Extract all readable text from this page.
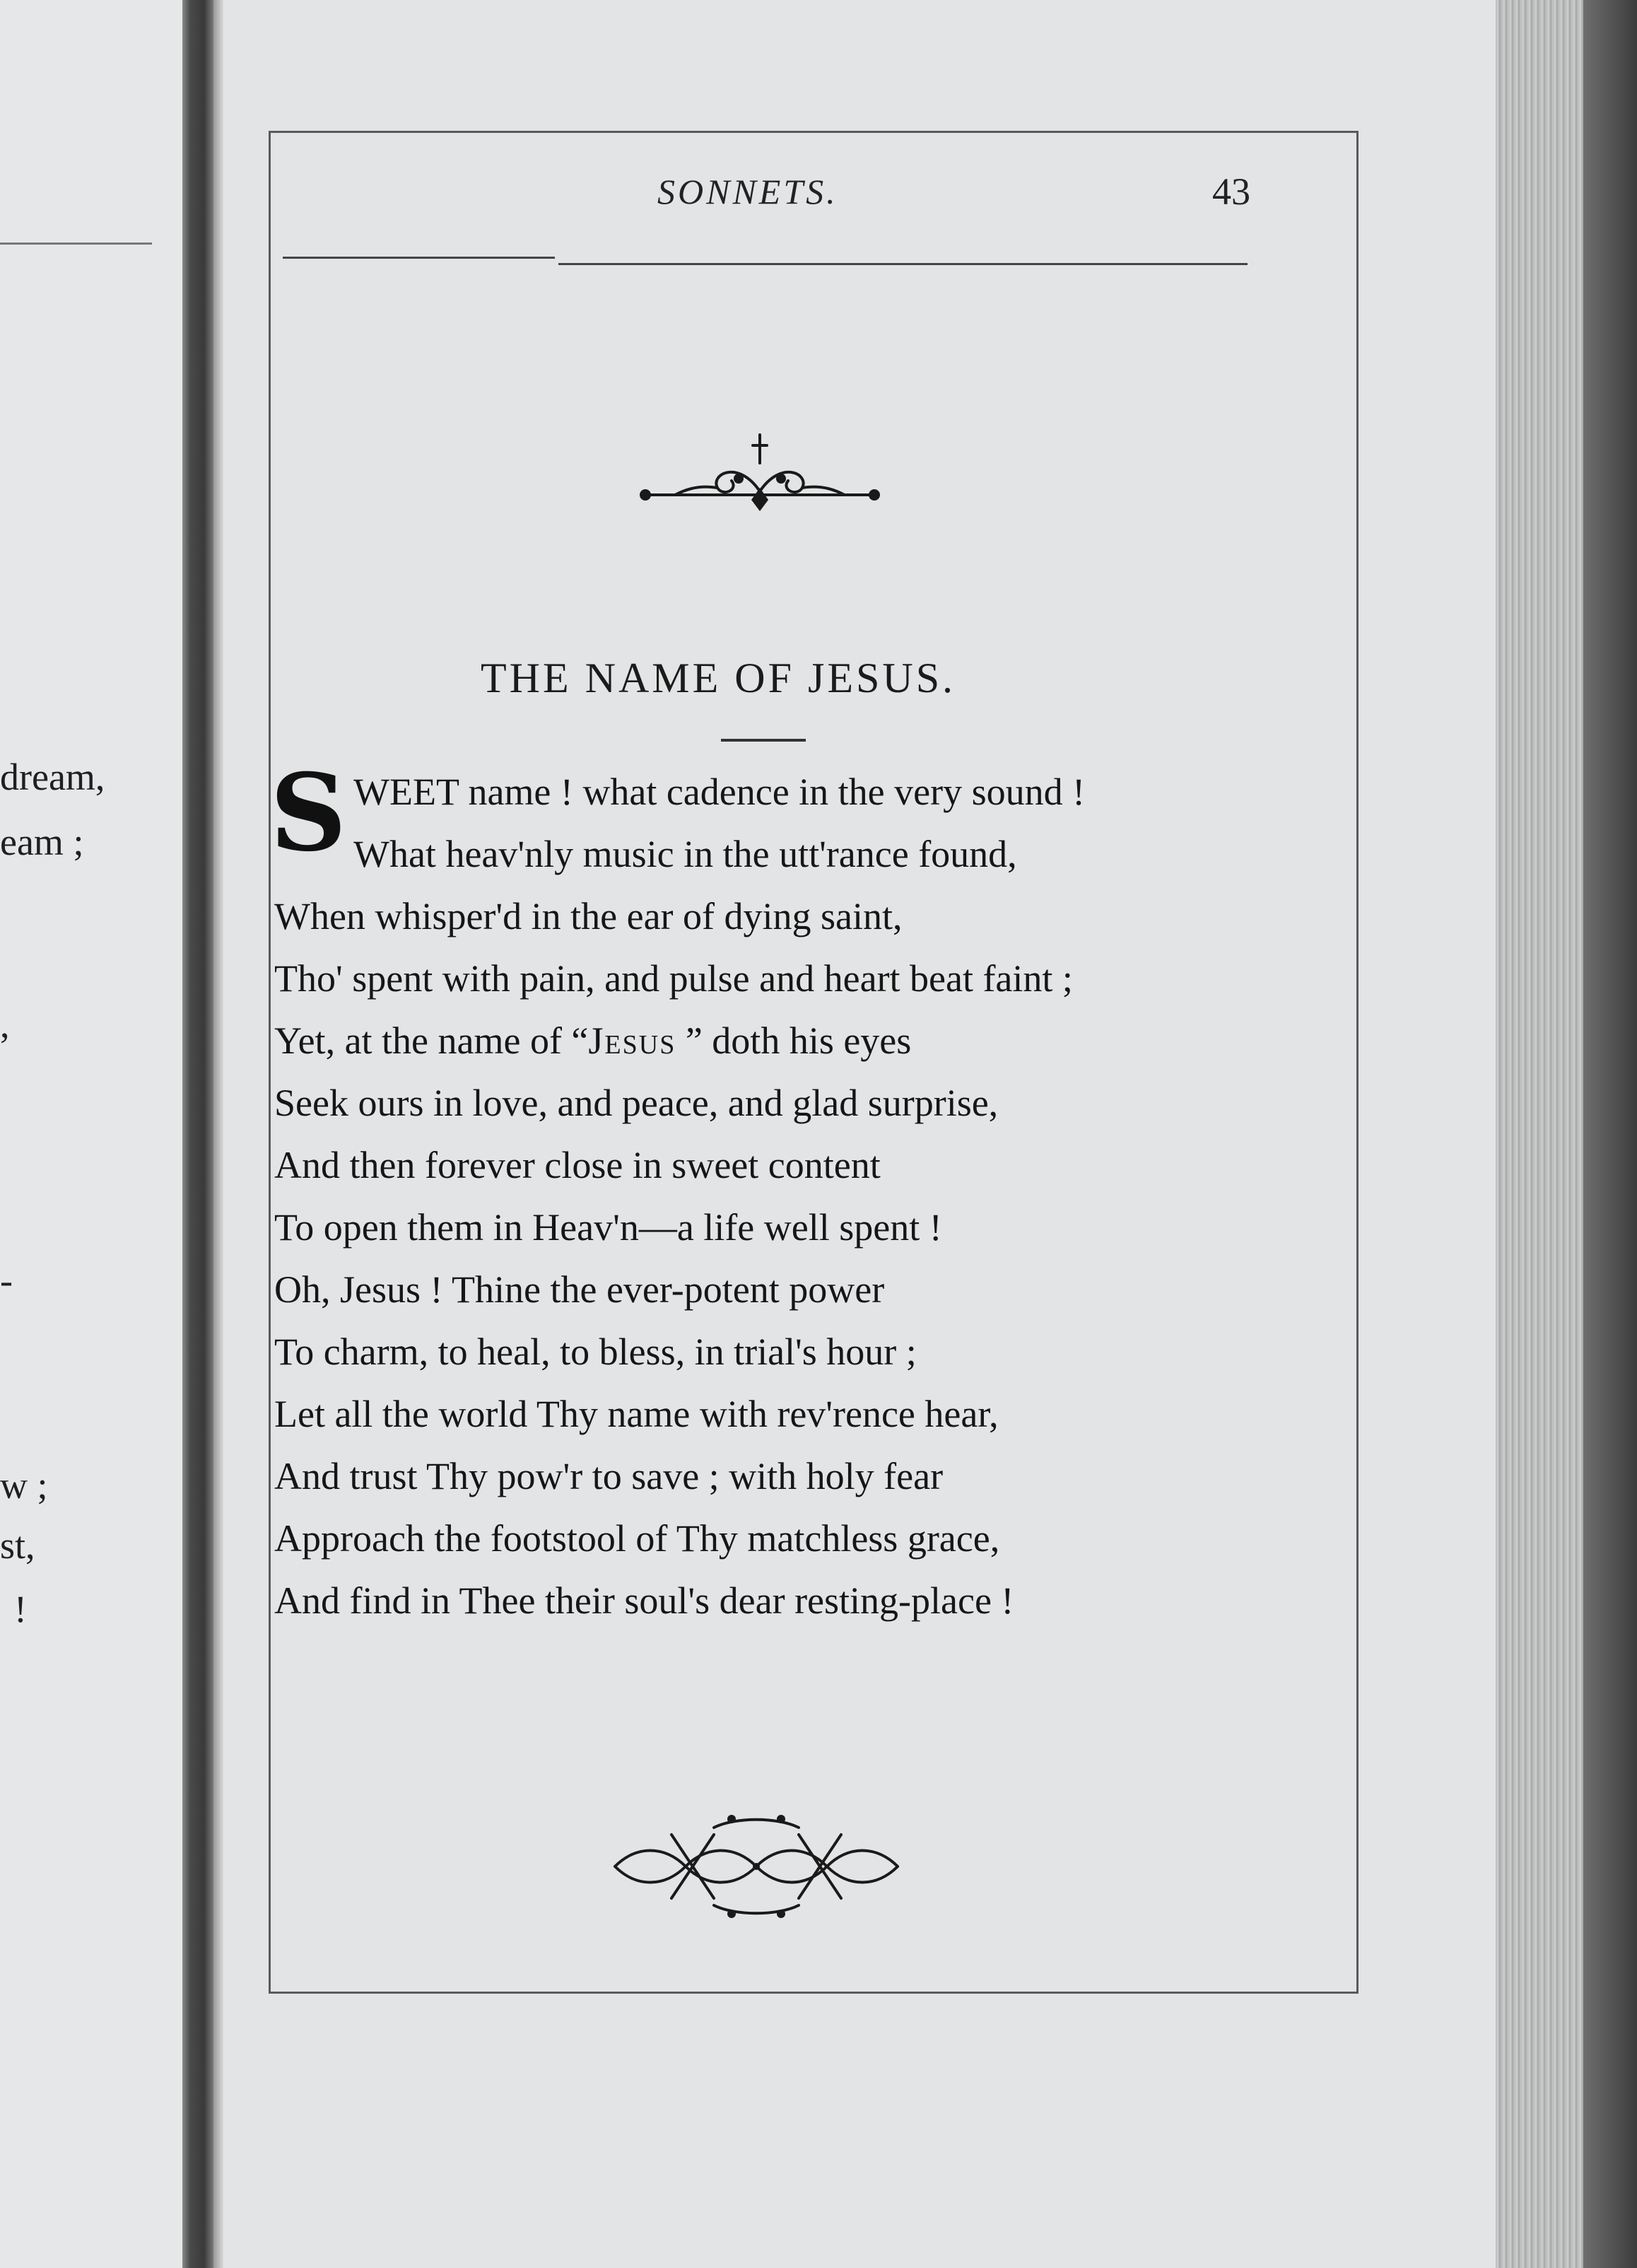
dream,
eam ;
,
-
w ;
st,
!
SONNETS.	43
THE NAME OF JESUS.
S WEET name ! what cadence in the very sound !
What heav'nly music in the utt'rance found,
When whisper'd in the ear of dying saint,
Tho' spent with pain, and pulse and heart beat faint ;
Yet, at the name of “Jesus ” doth his eyes
Seek ours in love, and peace, and glad surprise,
And then forever close in sweet content
To open them in Heav'n—a life well spent !
Oh, Jesus ! Thine the ever-potent power
To charm, to heal, to bless, in trial's hour ;
Let all the world Thy name with rev'rence hear,
And trust Thy pow'r to save ; with holy fear
Approach the footstool of Thy matchless grace,
And find in Thee their soul's dear resting-place !
